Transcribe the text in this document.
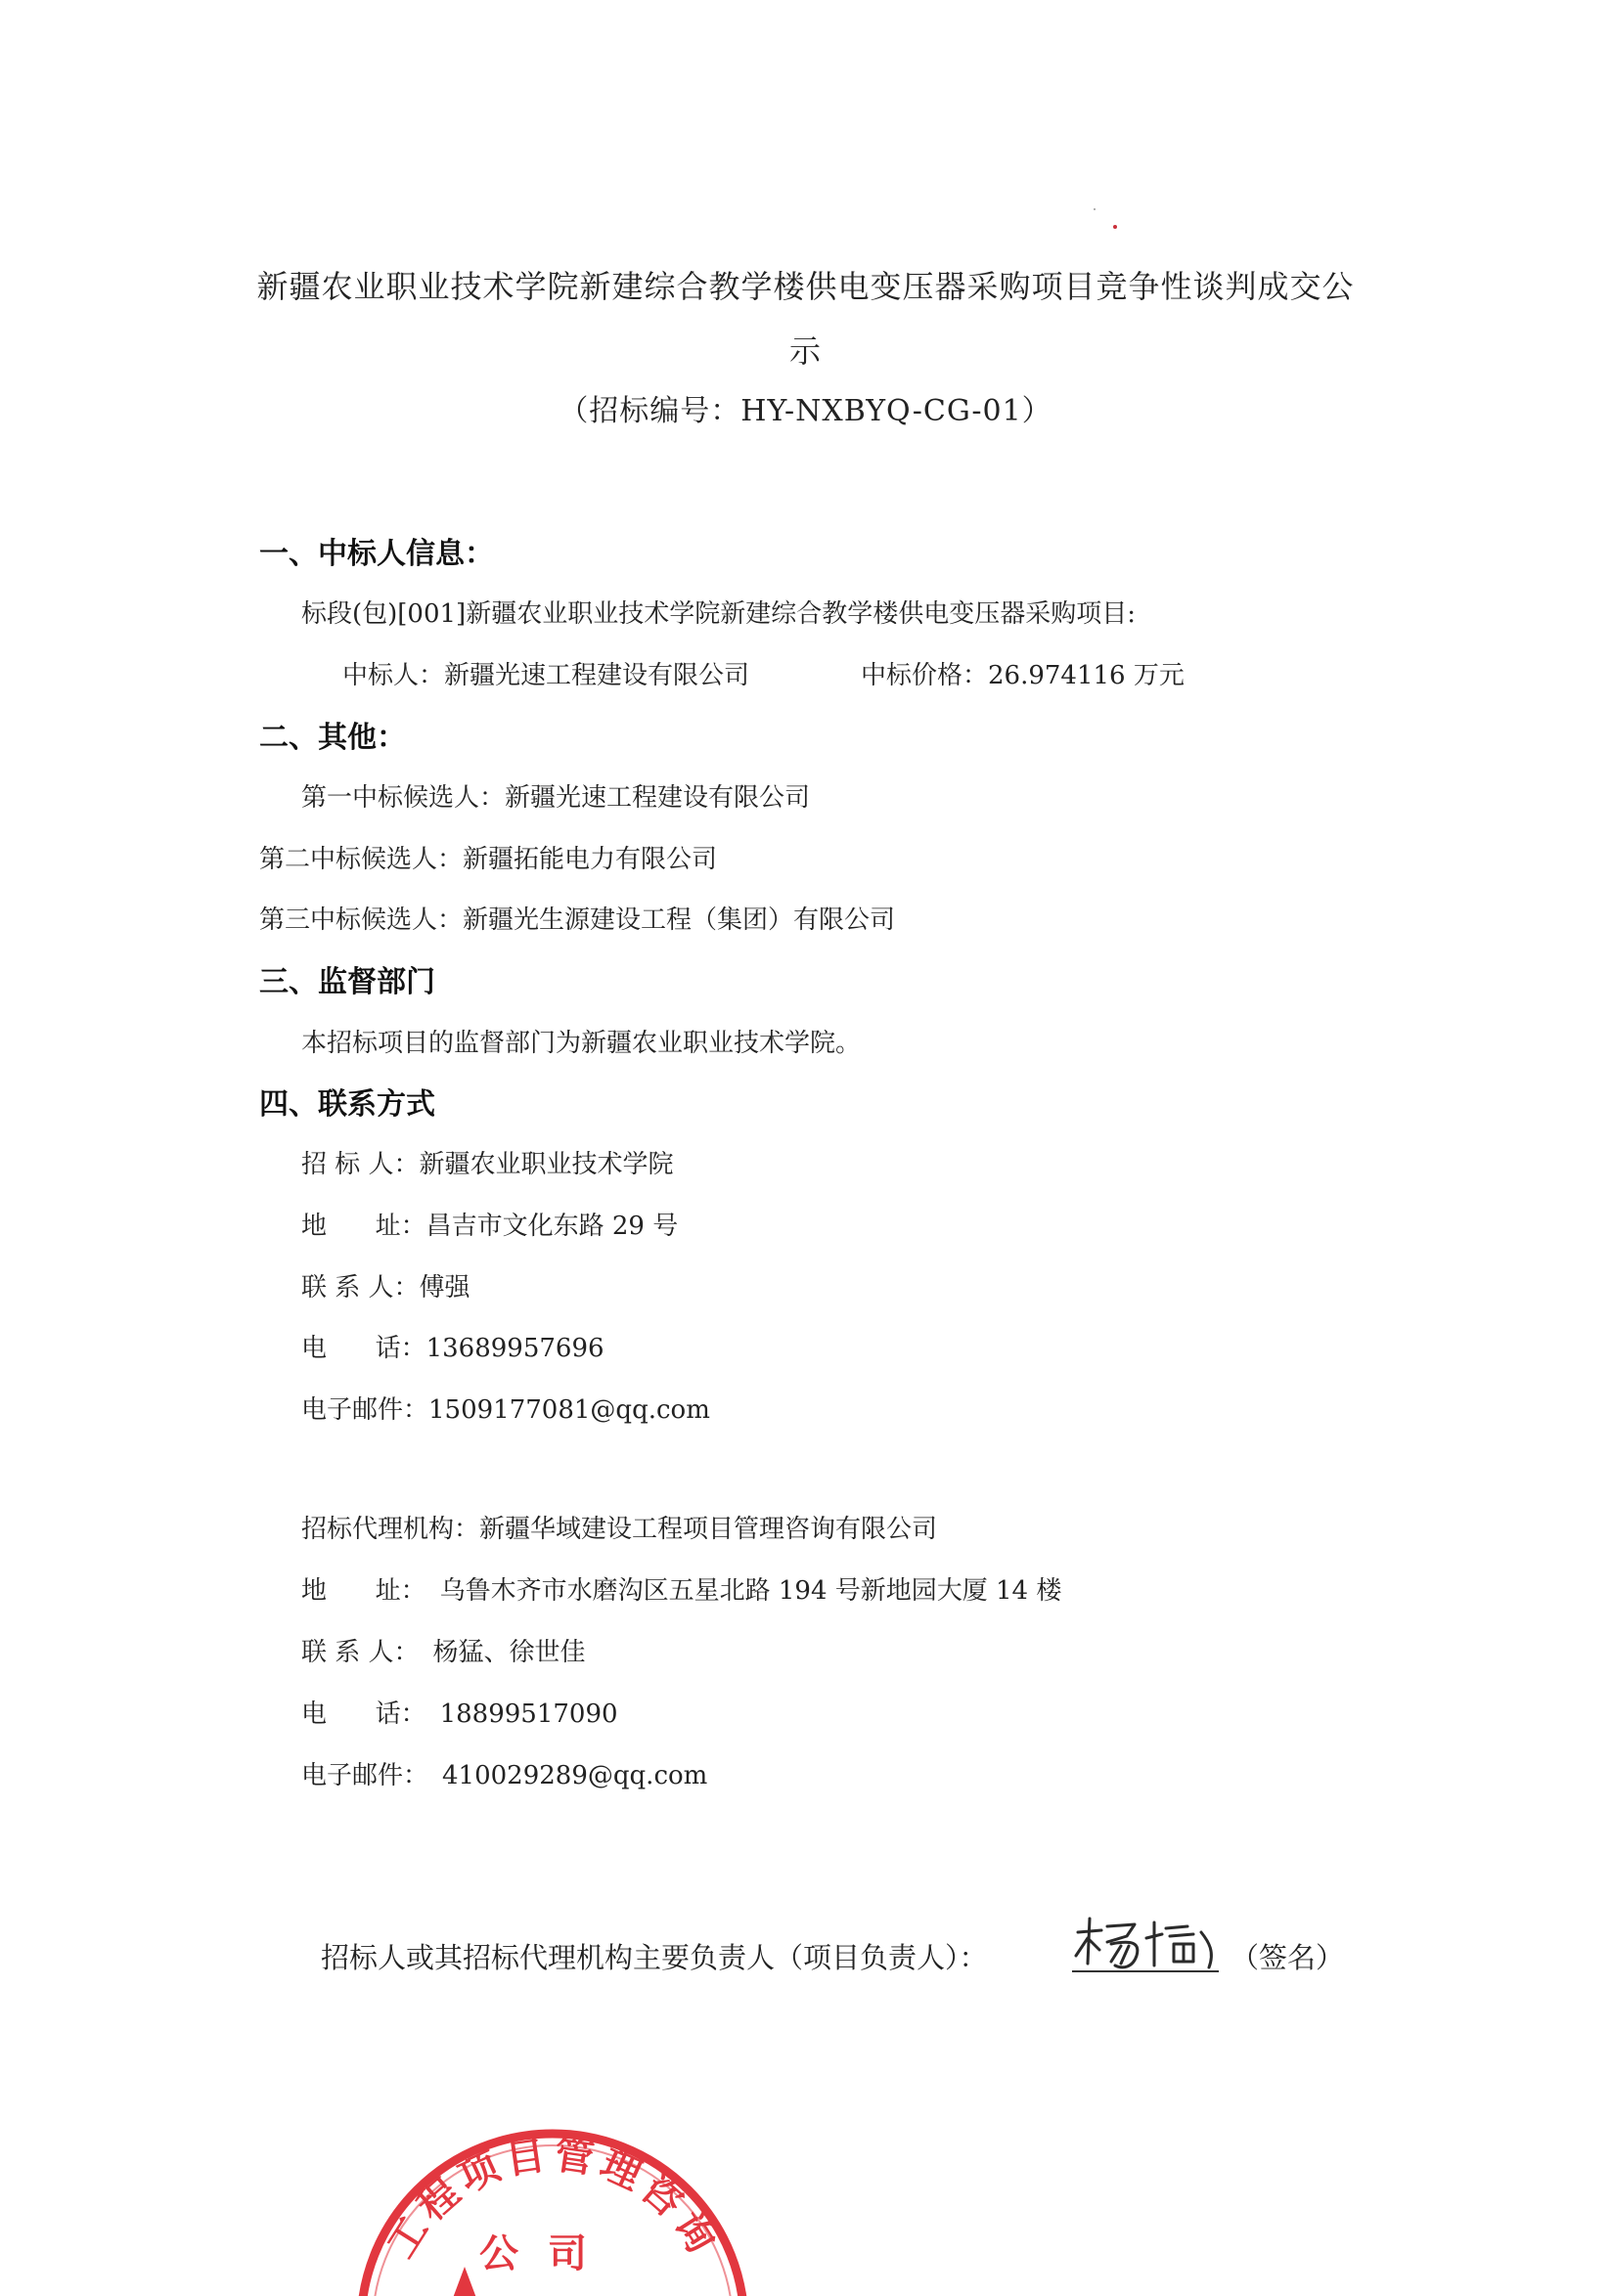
新疆农业职业技术学院新建综合教学楼供电变压器采购项目竞争性谈判成交公
示
（招标编号：HY-NXBYQ-CG-01）
一、中标人信息：
标段(包)[001]新疆农业职业技术学院新建综合教学楼供电变压器采购项目:
中标人：新疆光速工程建设有限公司	中标价格：26.974116 万元
二、其他：
第一中标候选人：新疆光速工程建设有限公司
第二中标候选人：新疆拓能电力有限公司
第三中标候选人：新疆光生源建设工程（集团）有限公司
三、监督部门
本招标项目的监督部门为新疆农业职业技术学院。
四、联系方式
招 标 人：新疆农业职业技术学院
地      址：昌吉市文化东路 29 号
联 系 人：傅强
电      话：13689957696
电子邮件：1509177081@qq.com
招标代理机构：新疆华域建设工程项目管理咨询有限公司
地      址： 乌鲁木齐市水磨沟区五星北路 194 号新地园大厦 14 楼
联 系 人： 杨猛、徐世佳
电      话： 18899517090
电子邮件： 410029289@qq.com
招标人或其招标代理机构主要负责人（项目负责人）：	（签名）
工程项目管理咨询
公司
